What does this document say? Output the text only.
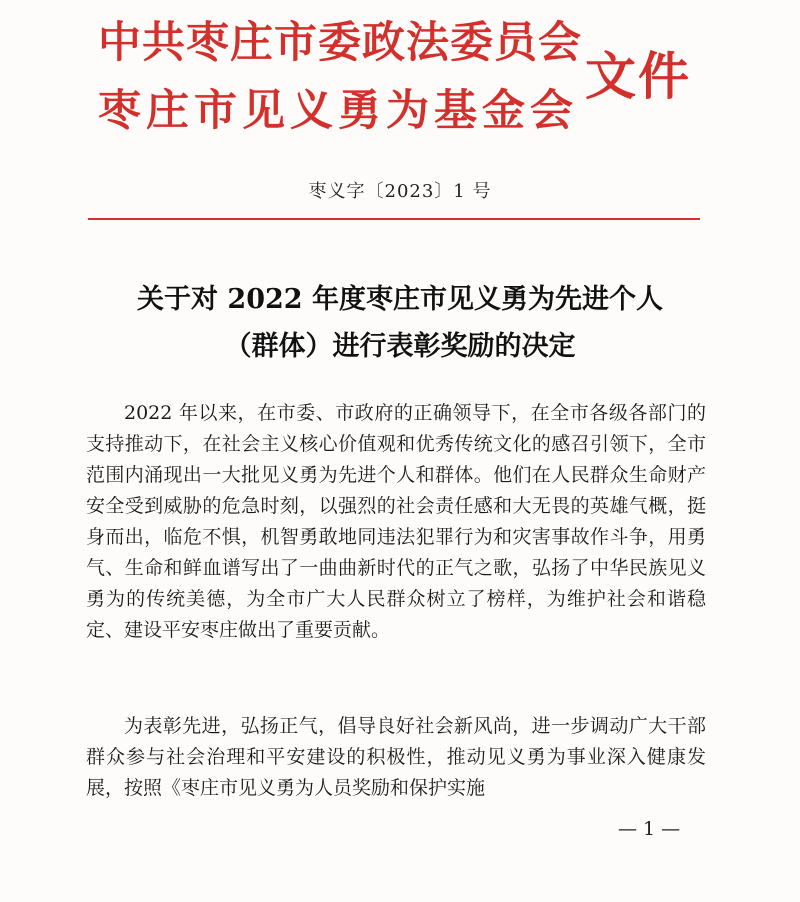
中共枣庄市委政法委员会
枣庄市见义勇为基金会
文件
枣义字〔2023〕1 号
关于对 2022 年度枣庄市见义勇为先进个人
（群体）进行表彰奖励的决定

2022 年以来，在市委、市政府的正确领导下，在全市各级各部门的支持推动下，在社会主义核心价值观和优秀传统文化的感召引领下，全市范围内涌现出一大批见义勇为先进个人和群体。他们在人民群众生命财产安全受到威胁的危急时刻，以强烈的社会责任感和大无畏的英雄气概，挺身而出，临危不惧，机智勇敢地同违法犯罪行为和灾害事故作斗争，用勇气、生命和鲜血谱写出了一曲曲新时代的正气之歌，弘扬了中华民族见义勇为的传统美德，为全市广大人民群众树立了榜样，为维护社会和谐稳定、建设平安枣庄做出了重要贡献。

为表彰先进，弘扬正气，倡导良好社会新风尚，进一步调动广大干部群众参与社会治理和平安建设的积极性，推动见义勇为事业深入健康发展，按照《枣庄市见义勇为人员奖励和保护实施

— 1 —
